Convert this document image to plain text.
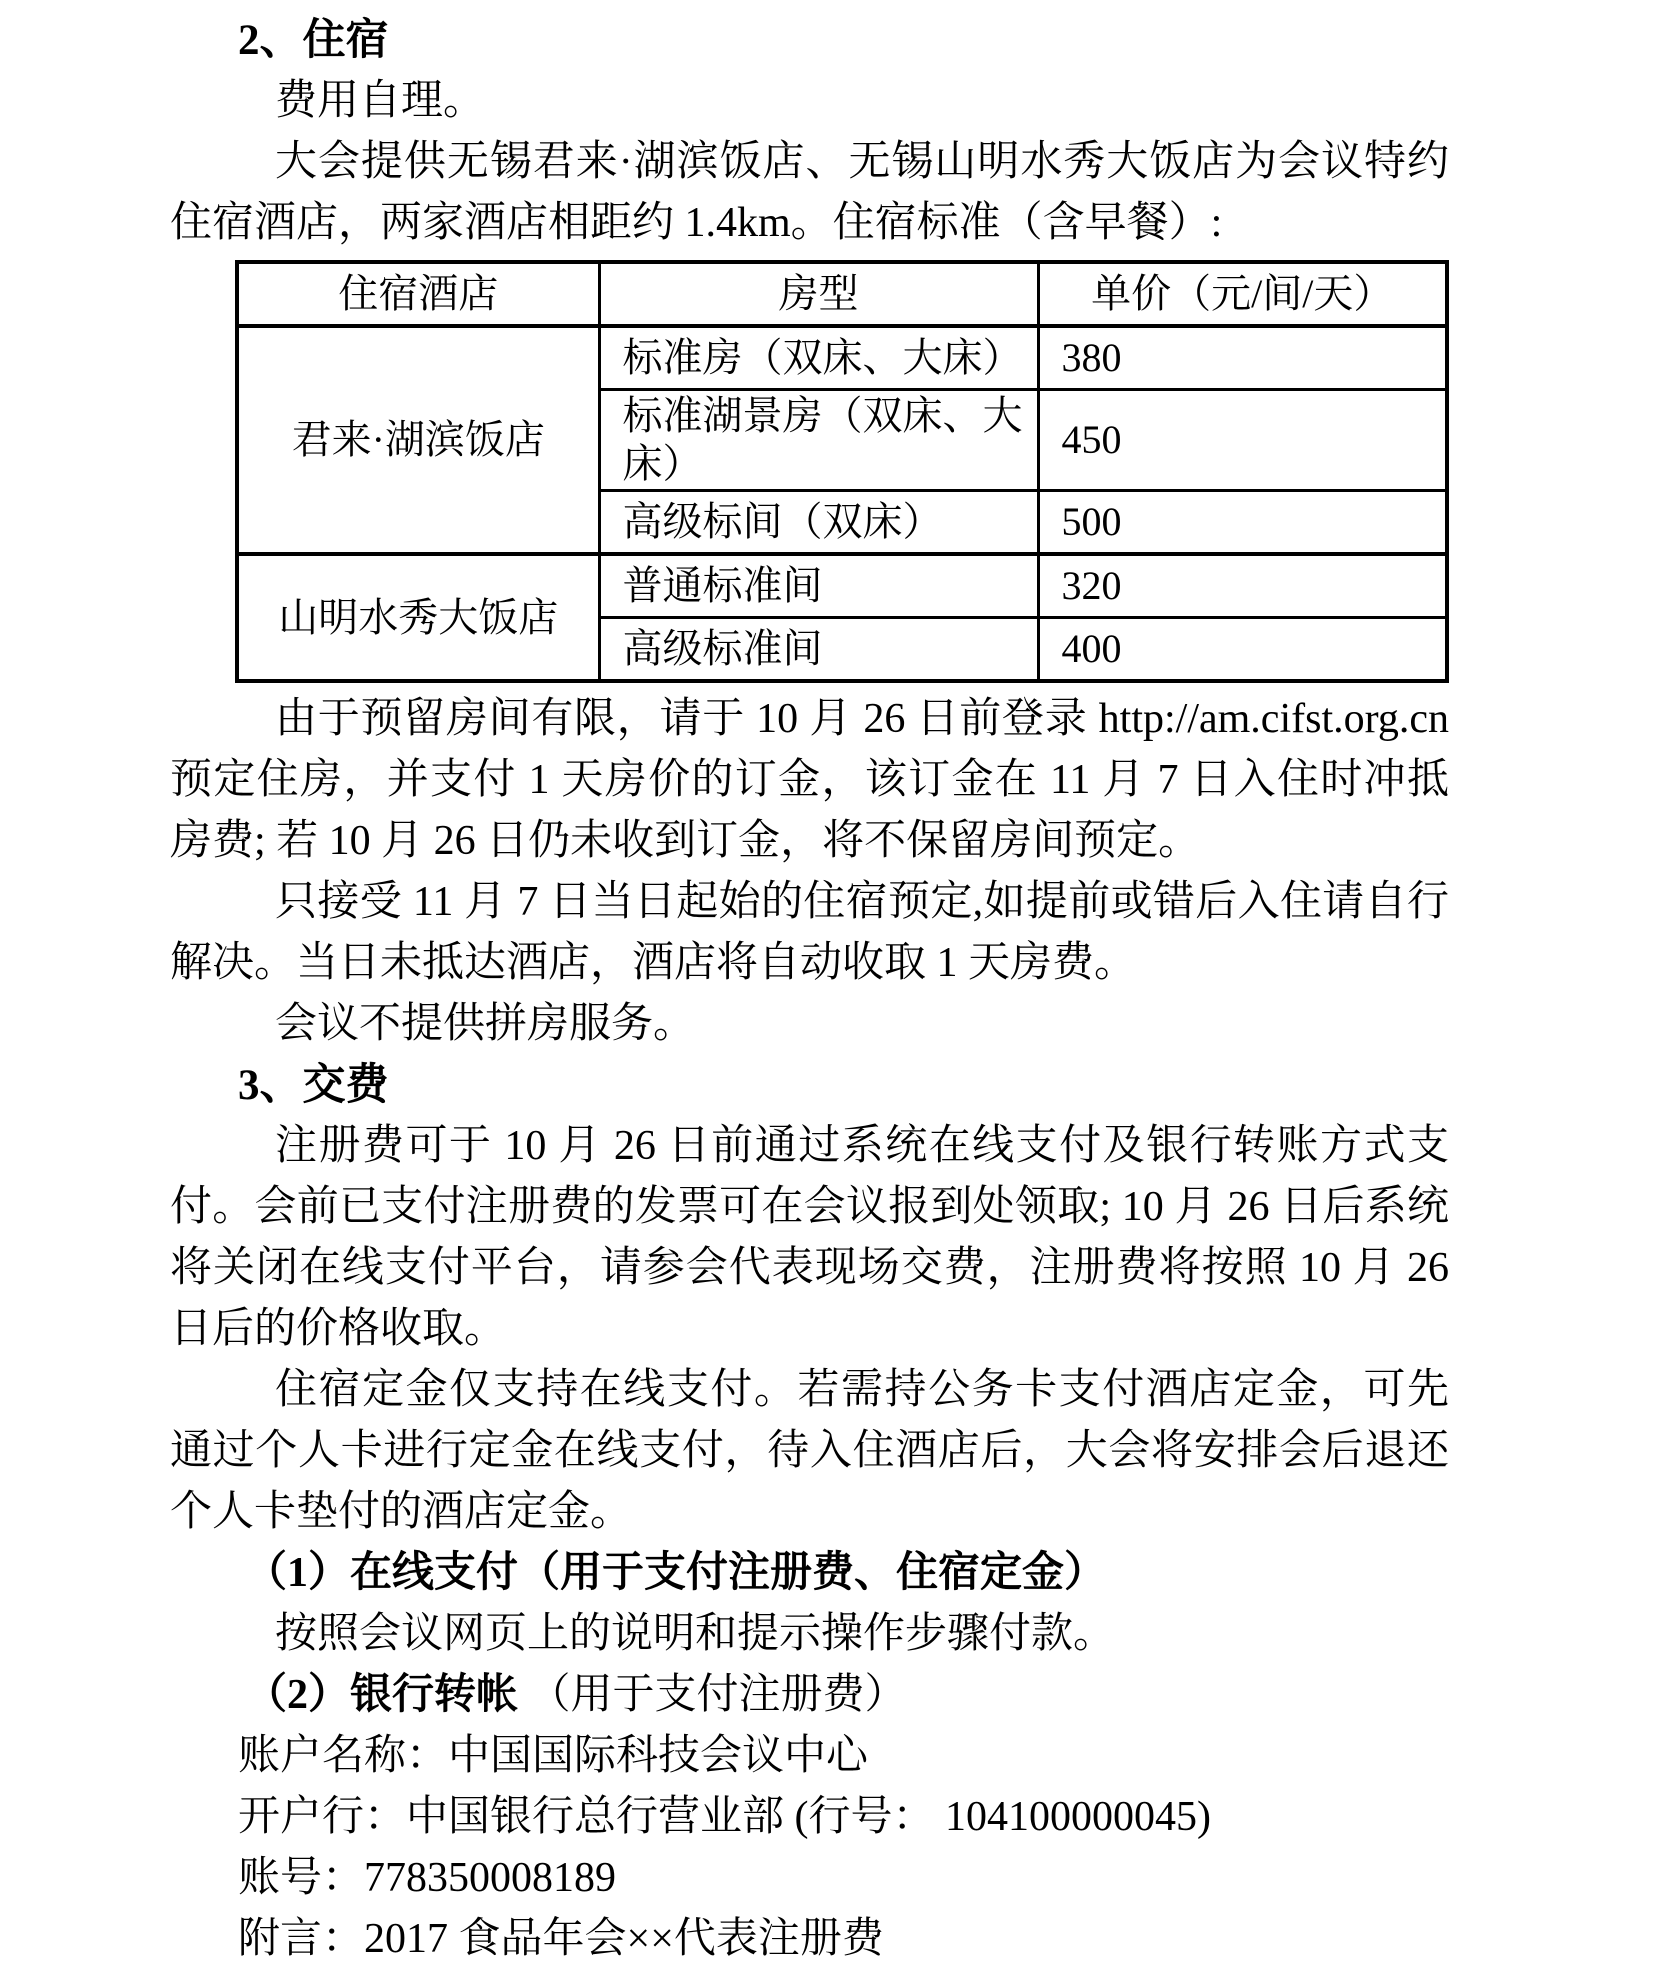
2、住宿

费用自理。

大会提供无锡君来·湖滨饭店、无锡山明水秀大饭店为会议特约住宿酒店，两家酒店相距约 1.4km。住宿标准（含早餐）:

住宿酒店	房型	单价（元/间/天）
君来·湖滨饭店	标准房（双床、大床）	380
	标准湖景房（双床、大床）	450
	高级标间（双床）	500
山明水秀大饭店	普通标准间	320
	高级标准间	400

由于预留房间有限，请于 10 月 26 日前登录 http://am.cifst.org.cn 预定住房，并支付 1 天房价的订金，该订金在 11 月 7 日入住时冲抵房费; 若 10 月 26 日仍未收到订金，将不保留房间预定。

只接受 11 月 7 日当日起始的住宿预定,如提前或错后入住请自行解决。当日未抵达酒店，酒店将自动收取 1 天房费。

会议不提供拼房服务。

3、交费

注册费可于 10 月 26 日前通过系统在线支付及银行转账方式支付。会前已支付注册费的发票可在会议报到处领取; 10 月 26 日后系统将关闭在线支付平台，请参会代表现场交费，注册费将按照 10 月 26 日后的价格收取。

住宿定金仅支持在线支付。若需持公务卡支付酒店定金，可先通过个人卡进行定金在线支付，待入住酒店后，大会将安排会后退还个人卡垫付的酒店定金。

（1）在线支付（用于支付注册费、住宿定金）

按照会议网页上的说明和提示操作步骤付款。

（2）银行转帐 （用于支付注册费）

账户名称：中国国际科技会议中心

开户行：中国银行总行营业部 (行号： 104100000045)

账号：778350008189

附言：2017 食品年会××代表注册费
